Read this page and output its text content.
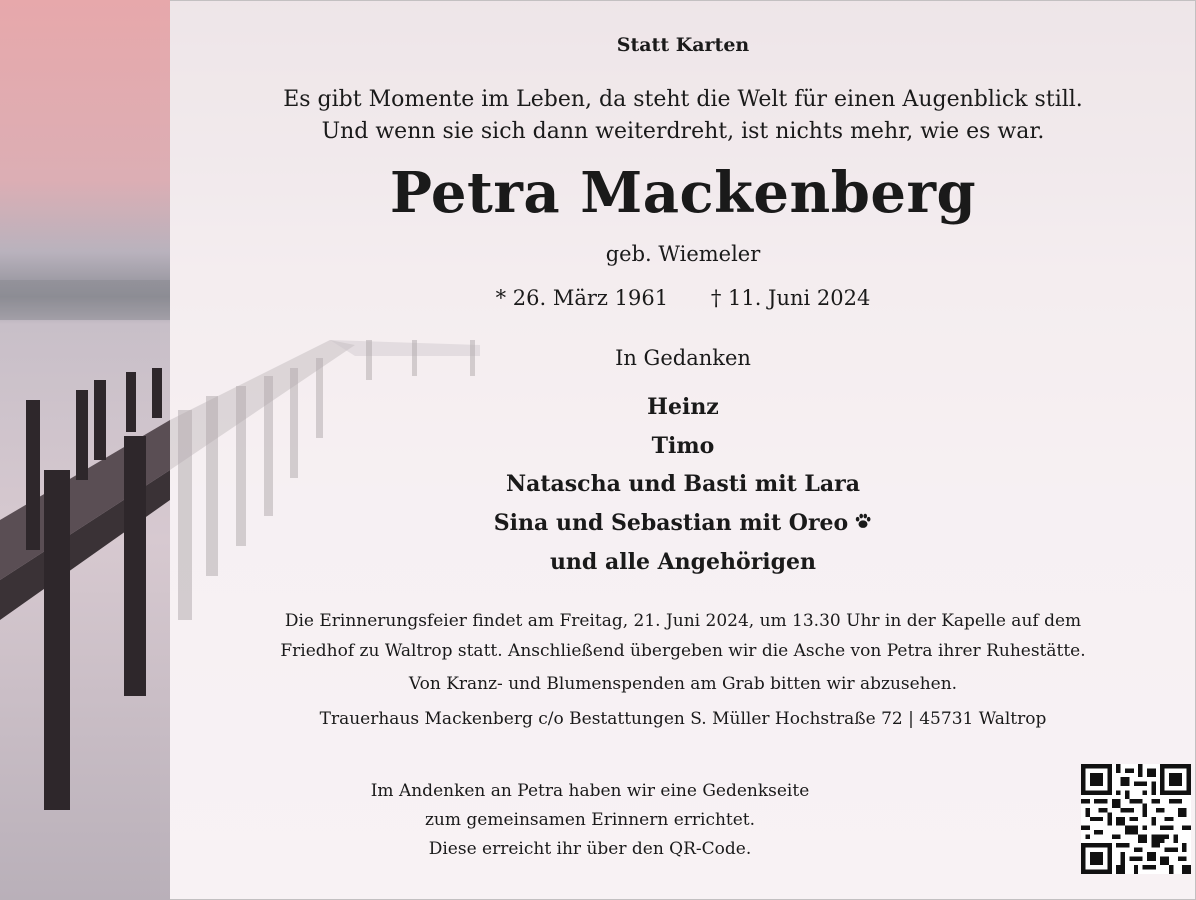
Statt Karten
Es gibt Momente im Leben, da steht die Welt für einen Augenblick still.
Und wenn sie sich dann weiterdreht, ist nichts mehr, wie es war.
Petra Mackenberg
geb. Wiemeler
* 26. März 1961 † 11. Juni 2024
In Gedanken
Heinz
Timo
Natascha und Basti mit Lara
Sina und Sebastian mit Oreo
und alle Angehörigen
Die Erinnerungsfeier findet am Freitag, 21. Juni 2024, um 13.30 Uhr in der Kapelle auf dem
Friedhof zu Waltrop statt. Anschließend übergeben wir die Asche von Petra ihrer Ruhestätte.
Von Kranz- und Blumenspenden am Grab bitten wir abzusehen.
Trauerhaus Mackenberg c/o Bestattungen S. Müller Hochstraße 72 | 45731 Waltrop
Im Andenken an Petra haben wir eine Gedenkseite
zum gemeinsamen Erinnern errichtet.
Diese erreicht ihr über den QR-Code.
